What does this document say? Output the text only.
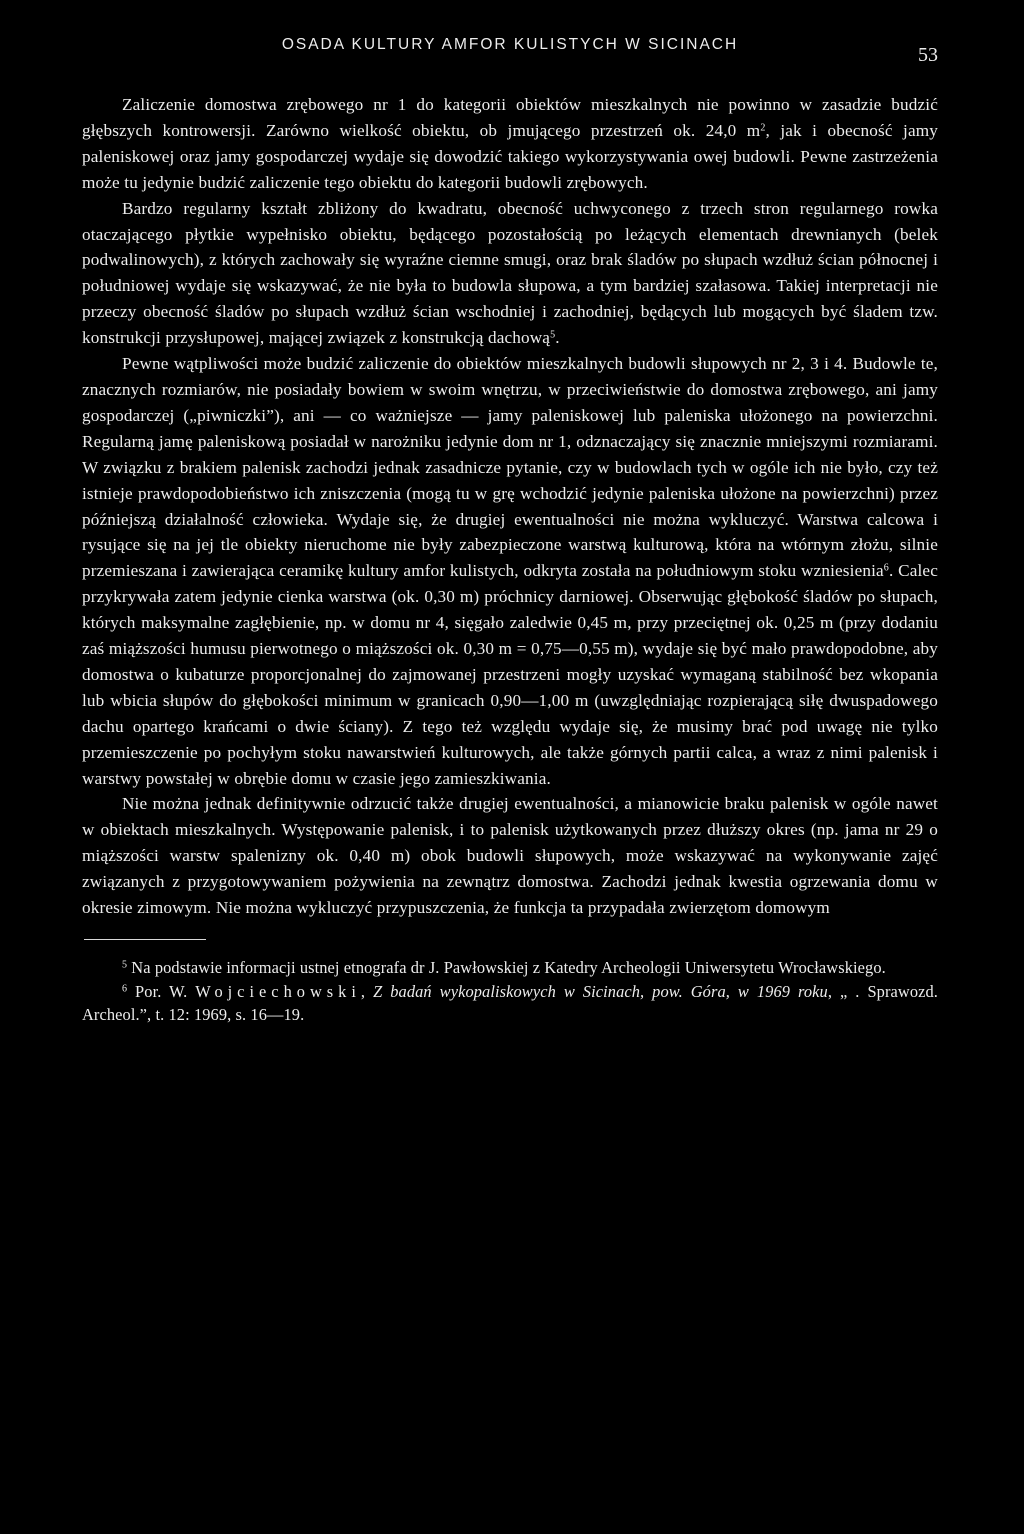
OSADA KULTURY AMFOR KULISTYCH W SICINACH	53

Zaliczenie domostwa zrębowego nr 1 do kategorii obiektów mieszkalnych nie powinno w zasadzie budzić głębszych kontrowersji. Zarówno wielkość obiektu, ob jmującego przestrzeń ok. 24,0 $m^2$, jak i obecność jamy paleniskowej oraz jamy gospodarczej wydaje się dowodzić takiego wykorzystywania owej budowli. Pewne zastrzeżenia może tu jedynie budzić zaliczenie tego obiektu do kategorii budowli zrębowych.

Bardzo regularny kształt zbliżony do kwadratu, obecność uchwyconego z trzech stron regularnego rowka otaczającego płytkie wypełnisko obiektu, będącego pozostałością po leżących elementach drewnianych (belek podwalinowych), z których zachowały się wyraźne ciemne smugi, oraz brak śladów po słupach wzdłuż ścian północnej i południowej wydaje się wskazywać, że nie była to budowla słupowa, a tym bardziej szałasowa. Takiej interpretacji nie przeczy obecność śladów po słupach wzdłuż ścian wschodniej i zachodniej, będących lub mogących być śladem tzw. konstrukcji przysłupowej, mającej związek z konstrukcją dachową$^5$.

Pewne wątpliwości może budzić zaliczenie do obiektów mieszkalnych budowli słupowych nr 2, 3 i 4. Budowle te, znacznych rozmiarów, nie posiadały bowiem w swoim wnętrzu, w przeciwieństwie do domostwa zrębowego, ani jamy gospodarczej („piwniczki”), ani — co ważniejsze — jamy paleniskowej lub paleniska ułożonego na powierzchni. Regularną jamę paleniskową posiadał w narożniku jedynie dom nr 1, odznaczający się znacznie mniejszymi rozmiarami. W związku z brakiem palenisk zachodzi jednak zasadnicze pytanie, czy w budowlach tych w ogóle ich nie było, czy też istnieje prawdopodobieństwo ich zniszczenia (mogą tu w grę wchodzić jedynie paleniska ułożone na powierzchni) przez późniejszą działalność człowieka. Wydaje się, że drugiej ewentualności nie można wykluczyć. Warstwa calcowa i rysujące się na jej tle obiekty nieruchome nie były zabezpieczone warstwą kulturową, która na wtórnym złożu, silnie przemieszana i zawierająca ceramikę kultury amfor kulistych, odkryta została na południowym stoku wzniesienia$^6$. Calec przykrywała zatem jedynie cienka warstwa (ok. 0,30 m) próchnicy darniowej. Obserwując głębokość śladów po słupach, których maksymalne zagłębienie, np. w domu nr 4, sięgało zaledwie 0,45 m, przy przeciętnej ok. 0,25 m (przy dodaniu zaś miąższości humusu pierwotnego o miąższości ok. 0,30 m = 0,75—0,55 m), wydaje się być mało prawdopodobne, aby domostwa o kubaturze proporcjonalnej do zajmowanej przestrzeni mogły uzyskać wymaganą stabilność bez wkopania lub wbicia słupów do głębokości minimum w granicach 0,90—1,00 m (uwzględniając rozpierającą siłę dwuspadowego dachu opartego krańcami o dwie ściany). Z tego też względu wydaje się, że musimy brać pod uwagę nie tylko przemieszczenie po pochyłym stoku nawarstwień kulturowych, ale także górnych partii calca, a wraz z nimi palenisk i warstwy powstałej w obrębie domu w czasie jego zamieszkiwania.

Nie można jednak definitywnie odrzucić także drugiej ewentualności, a mianowicie braku palenisk w ogóle nawet w obiektach mieszkalnych. Występowanie palenisk, i to palenisk użytkowanych przez dłuższy okres (np. jama nr 29 o miąższości warstw spalenizny ok. 0,40 m) obok budowli słupowych, może wskazywać na wykonywanie zajęć związanych z przygotowywaniem pożywienia na zewnątrz domostwa. Zachodzi jednak kwestia ogrzewania domu w okresie zimowym. Nie można wykluczyć przypuszczenia, że funkcja ta przypadała zwierzętom domowym

$^5$ Na podstawie informacji ustnej etnografa dr J. Pawłowskiej z Katedry Archeologii Uniwersytetu Wrocławskiego.

$^6$ Por. W. Wojciechowski, Z badań wykopaliskowych w Sicinach, pow. Góra, w 1969 roku, „ . Sprawozd. Archeol.”, t. 12: 1969, s. 16—19.
